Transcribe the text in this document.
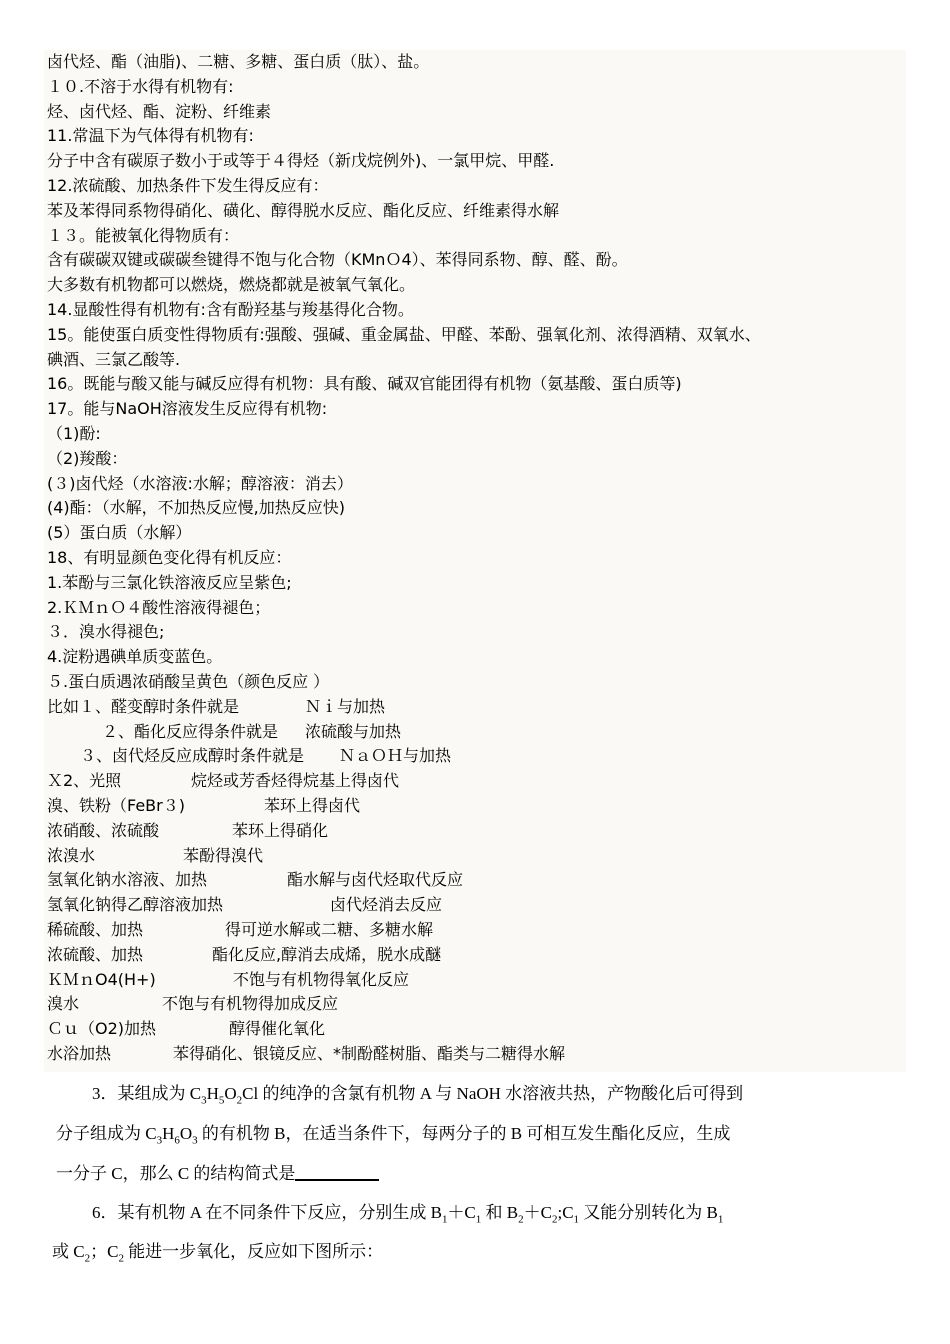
卤代烃、酯（油脂)、二糖、多糖、蛋白质（肽）、盐。
１０.不溶于水得有机物有:
烃、卤代烃、酯、淀粉、纤维素
11.常温下为气体得有机物有:
分子中含有碳原子数小于或等于４得烃（新戊烷例外)、一氯甲烷、甲醛.
12.浓硫酸、加热条件下发生得反应有：
苯及苯得同系物得硝化、磺化、醇得脱水反应、酯化反应、纤维素得水解
１３。能被氧化得物质有：
含有碳碳双键或碳碳叁键得不饱与化合物（KMnＯ4）、苯得同系物、醇、醛、酚。
大多数有机物都可以燃烧，燃烧都就是被氧气氧化。
14.显酸性得有机物有:含有酚羟基与羧基得化合物。
15。能使蛋白质变性得物质有:强酸、强碱、重金属盐、甲醛、苯酚、强氧化剂、浓得酒精、双氧水、
碘酒、三氯乙酸等.
16。既能与酸又能与碱反应得有机物：具有酸、碱双官能团得有机物（氨基酸、蛋白质等)
17。能与NaOH溶液发生反应得有机物:
（1)酚:
（2)羧酸：
(３)卤代烃（水溶液:水解；醇溶液：消去）
(4)酯：（水解，不加热反应慢,加热反应快)
(5）蛋白质（水解）
18、有明显颜色变化得有机反应：
1.苯酚与三氯化铁溶液反应呈紫色;
2.ＫＭｎＯ４酸性溶液得褪色；
３．溴水得褪色;
4.淀粉遇碘单质变蓝色。
５.蛋白质遇浓硝酸呈黄色（颜色反应 ）
比如１、醛变醇时条件就是	Ｎｉ与加热
２、酯化反应得条件就是 浓硫酸与加热
３、卤代烃反应成醇时条件就是 ＮａＯＨ与加热
Ｘ2、光照	烷烃或芳香烃得烷基上得卤代
溴、铁粉（FeBr３)	苯环上得卤代
浓硝酸、浓硫酸	苯环上得硝化
浓溴水	苯酚得溴代
氢氧化钠水溶液、加热	酯水解与卤代烃取代反应
氢氧化钠得乙醇溶液加热	卤代烃消去反应
稀硫酸、加热	得可逆水解或二糖、多糖水解
浓硫酸、加热	酯化反应,醇消去成烯，脱水成醚
ＫＭｎO4(H+)	不饱与有机物得氧化反应
溴水	不饱与有机物得加成反应
Ｃｕ（O2)加热	醇得催化氧化
水浴加热	苯得硝化、银镜反应、*制酚醛树脂、酯类与二糖得水解
3．某组成为 $C_3H_5O_2Cl$ 的纯净的含氯有机物 A 与 NaOH 水溶液共热，产物酸化后可得到
分子组成为 $C_3H_6O_3$ 的有机物 B，在适当条件下，每两分子的 B 可相互发生酯化反应，生成
一分子 C，那么 C 的结构简式是
6．某有机物 A 在不同条件下反应，分别生成 $B_1+C_1$ 和 $B_2+C_2;C_1$ 又能分别转化为 $B_1$
或 $C_2$；$C_2$ 能进一步氧化，反应如下图所示：
